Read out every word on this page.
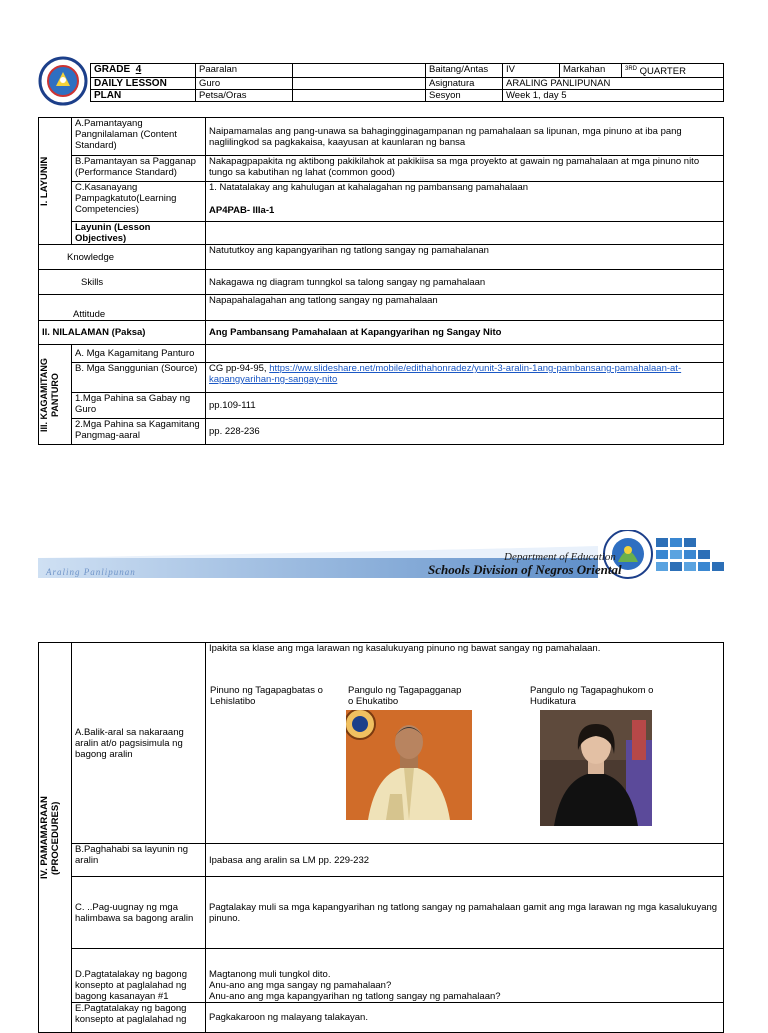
GRADE 4	Paaralan		Baitang/Antas	IV	Markahan	$^{3RD}$ QUARTER
DAILY LESSON	Guro		Asignatura	ARALING PANLIPUNAN		
PLAN	Petsa/Oras		Sesyon	Week 1, day 5		
I. LAYUNIN	A.Pamantayang Pangnilalaman (Content Standard)	Naipamamalas ang pang-unawa sa bahagingginagampanan ng pamahalaan sa lipunan, mga pinuno at iba pang naglilingkod sa pagkakaisa, kaayusan at kaunlaran ng bansa
	B.Pamantayan sa Pagganap (Performance Standard)	Nakapagpapakita ng aktibong pakikilahok at pakikiisa sa mga proyekto at gawain ng pamahalaan at mga pinuno nito tungo sa kabutihan ng lahat (common good)
	C.Kasanayang Pampagkatuto(Learning Competencies)	1. Natatalakay ang kahulugan at kahalagahan ng pambansang pamahalaan
AP4PAB- IIIa-1

	Layunin (Lesson Objectives)	

Knowledge		Natututkoy ang kapangyarihan ng tatlong sangay ng pamahalanan
Skills		Nakagawa ng diagram tunngkol sa talong sangay ng pamahalaan
Attitude		Napapahalagahan ang tatlong sangay ng pamahalaan
II. NILALAMAN (Paksa)		Ang Pambansang Pamahalaan at Kapangyarihan ng Sangay Nito

III. KAGAMITANG PANTURO	A. Mga Kagamitang Panturo	
	B. Mga Sanggunian (Source)	CG pp-94-95, https://ww.slideshare.net/mobile/edithahonradez/yunit-3-aralin-1ang-pambansang-pamahalaan-at-kapangyarihan-ng-sangay-nito
	1.Mga Pahina sa Gabay ng Guro	pp.109-111
	2.Mga Pahina sa Kagamitang Pangmag-aaral	pp. 228-236
Araling Panlipunan
Department of Education
Schools Division of Negros Oriental
IV. PAMAMARAAN (PROCEDURES)	A.Balik-aral sa nakaraang aralin at/o pagsisimula ng bagong aralin	Ipakita sa klase ang mga larawan ng kasalukuyang pinuno ng bawat sangay ng pamahalaan.
Pinuno ng Tagapagbatas o Lehislatibo
Pangulo ng Tagapagganap o Ehukatibo
Pangulo ng Tagapaghukom o Hudikatura

	B.Paghahabi sa layunin ng aralin	Ipabasa ang aralin sa LM pp. 229-232
	C. ..Pag-uugnay ng mga halimbawa sa bagong aralin	Pagtalakay muli sa mga kapangyarihan ng tatlong sangay ng pamahalaan gamit ang mga larawan ng mga kasalukuyang pinuno.
	D.Pagtatalakay ng bagong konsepto at paglalahad ng bagong kasanayan #1	Magtanong muli tungkol dito.
Anu-ano ang mga sangay ng pamahalaan?
Anu-ano ang mga kapangyarihan ng tatlong sangay ng pamahalaan?

	E.Pagtatalakay ng bagong konsepto at paglalahad ng	Pagkakaroon ng malayang talakayan.
